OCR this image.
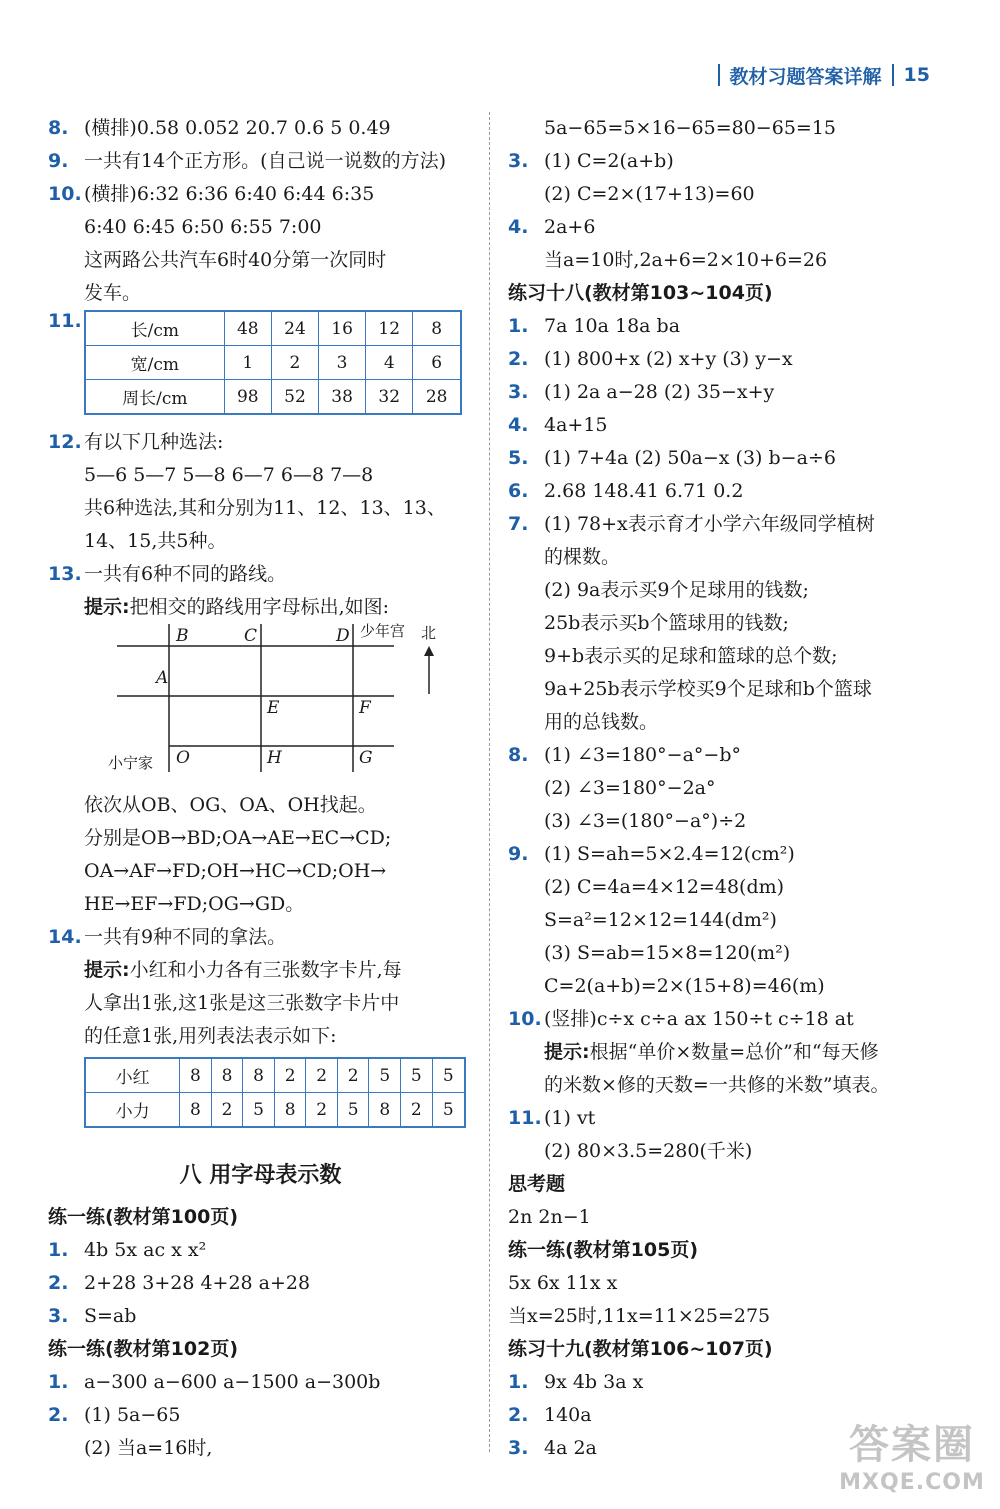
教材习题答案详解 15
8. (横排)0.58 0.052 20.7 0.6 5 0.49
9. 一共有14个正方形。(自己说一说数的方法)
10. (横排)6:32 6:36 6:40 6:44 6:35
6:40 6:45 6:50 6:55 7:00
这两路公共汽车6时40分第一次同时
发车。
11.	长/cm	48	24	16	12	8
宽/cm	1	2	3	4	6
周长/cm	98	52	38	32	28
12. 有以下几种选法:
5—6 5—7 5—8 6—7 6—8 7—8
共6种选法,其和分别为11、12、13、13、
14、15,共5种。
13. 一共有6种不同的路线。
提示:把相交的路线用字母标出,如图:
B	C	D 少年宫 北
A
E	F
O	H	G
小宁家
依次从OB、OG、OA、OH找起。
分别是OB→BD;OA→AE→EC→CD;
OA→AF→FD;OH→HC→CD;OH→
HE→EF→FD;OG→GD。
14. 一共有9种不同的拿法。
提示:小红和小力各有三张数字卡片,每
人拿出1张,这1张是这三张数字卡片中
的任意1张,用列表法表示如下:
小红	8	8	8	2	2	2	5	5	5
小力	8	2	5	8	2	5	8	2	5
八 用字母表示数
练一练(教材第100页)
1. 4b 5x ac x x²
2. 2+28 3+28 4+28 a+28
3. S=ab
练一练(教材第102页)
1. a−300 a−600 a−1500 a−300b
2. (1) 5a−65
(2) 当a=16时,
5a−65=5×16−65=80−65=15
3. (1) C=2(a+b)
(2) C=2×(17+13)=60
4. 2a+6
当a=10时,2a+6=2×10+6=26
练习十八(教材第103~104页)
1. 7a 10a 18a ba
2. (1) 800+x (2) x+y (3) y−x
3. (1) 2a a−28 (2) 35−x+y
4. 4a+15
5. (1) 7+4a (2) 50a−x (3) b−a÷6
6. 2.68 148.41 6.71 0.2
7. (1) 78+x表示育才小学六年级同学植树
的棵数。
(2) 9a表示买9个足球用的钱数;
25b表示买b个篮球用的钱数;
9+b表示买的足球和篮球的总个数;
9a+25b表示学校买9个足球和b个篮球
用的总钱数。
8. (1) ∠3=180°−a°−b°
(2) ∠3=180°−2a°
(3) ∠3=(180°−a°)÷2
9. (1) S=ah=5×2.4=12(cm²)
(2) C=4a=4×12=48(dm)
S=a²=12×12=144(dm²)
(3) S=ab=15×8=120(m²)
C=2(a+b)=2×(15+8)=46(m)
10. (竖排)c÷x c÷a ax 150÷t c÷18 at
提示:根据“单价×数量=总价”和“每天修
的米数×修的天数=一共修的米数”填表。
11. (1) vt
(2) 80×3.5=280(千米)
思考题
2n 2n−1
练一练(教材第105页)
5x 6x 11x x
当x=25时,11x=11×25=275
练习十九(教材第106~107页)
1. 9x 4b 3a x
2. 140a
3. 4a 2a	答案圈
MXQE.COM
